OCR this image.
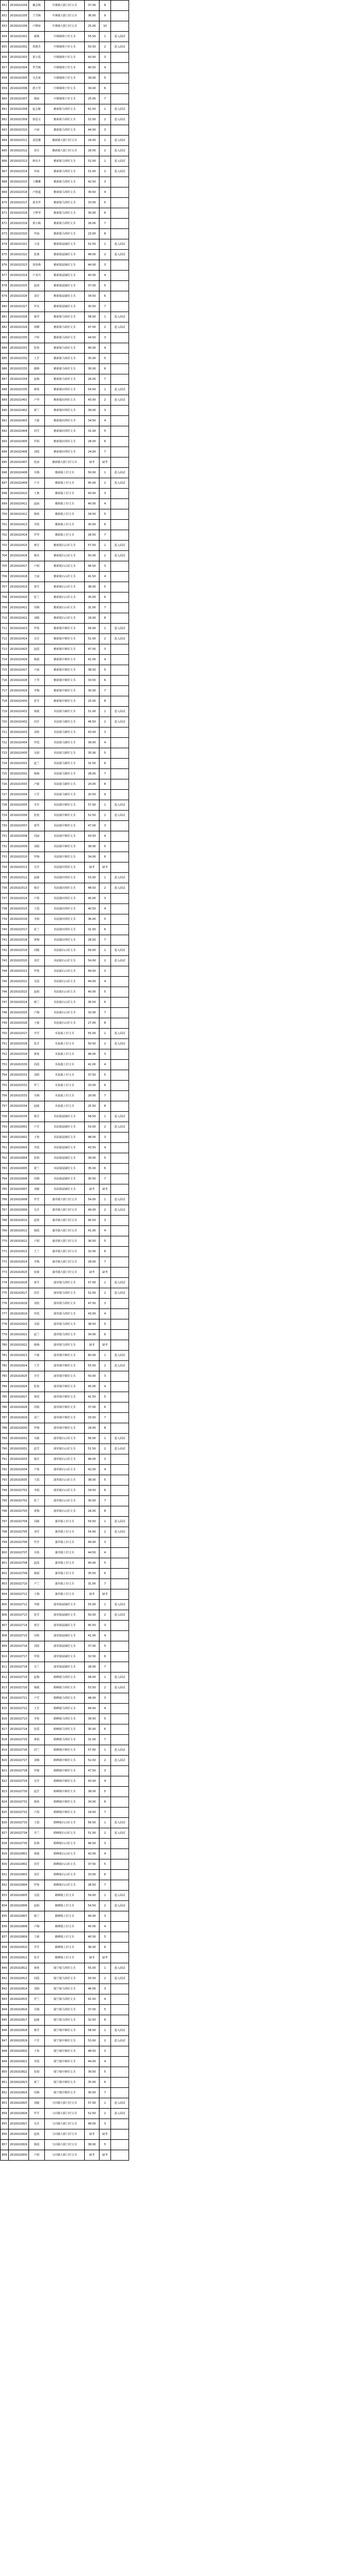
651	2019102204	戴芸梅	中寨镇大阳门村文书	37.00	8	
652	2019102205	王雪梅	中寨镇大阳门村文书	36.00	9	
653	2019102206	卢晓琼	中寨镇大阳门村文书	25.00	10	
654	2019102301	谢燕	中寨镇纳子村文书	55.50	1	进入面试
655	2019102302	黄德芳	中寨镇纳子村文书	50.50	2	进入面试
656	2019102303	郭小霞	中寨镇纳子村文书	43.00	3	
657	2019102304	罗雪梅	中寨镇纳子村文书	40.50	4	
658	2019102305	吴芸菊	中寨镇纳子村文书	39.00	5	
659	2019102306	蒋玉琴	中寨镇纳子村文书	34.00	6	
660	2019102307	杨丽	中寨镇纳子村文书	25.00	7	
661	2019102308	赵会敏	雅新镇马坝村文书	62.50	1	进入面试
662	2019102309	徐思灵	雅新镇马坝村文书	52.00	2	进入面试
663	2019102310	卢丽	雅新镇马坝村文书	44.00	3	
664	2019102311	刘思雅	雅新镇大阳门村文书	29.00	1	进入面试
665	2019102312	邓芬	雅新镇大阳门村文书	26.00	2	进入面试
666	2019102313	蒋东升	雅新镇马坝村文书	52.00	1	进入面试
667	2019102314	罗丽	雅新镇马坝村文书	51.00	2	进入面试
668	2019102315	王姗姗	雅新镇马坝村文书	42.50	3	
669	2019102316	卢艳超	雅新镇马坝村文书	39.50	4	
670	2019102317	郭美华	雅新镇马坝村文书	33.00	5	
671	2019102318	王梦琴	雅新镇马坝村文书	30.00	6	
672	2019102319	郭小梅	雅新镇马坝村文书	26.00	7	
673	2019102320	罗丽	雅新镇马坝村文书	23.00	8	
674	2019102321	王成	雅新镇翁铺村文书	52.50	1	进入面试
675	2019102322	张燕	雅新镇翁铺村文书	48.00	2	进入面试
676	2019102323	周春燕	雅新镇翁铺村文书	44.00	3	
677	2019102324	卢美玲	雅新镇翁铺村文书	40.00	4	
678	2019102325	赵雨	雅新镇翁铺村文书	37.00	5	
679	2019102326	刘芳	雅新镇翁铺村文书	34.50	6	
680	2019102327	罗美	雅新镇翁铺村文书	30.50	7	
681	2019102328	杨琴	雅新镇马场村文书	58.00	1	进入面试
682	2019102329	胡柳	雅新镇马场村文书	47.00	2	进入面试
683	2019102330	卢婷	雅新镇马场村文书	44.50	3	
684	2019102331	张艳	雅新镇马场村文书	40.00	4	
685	2019102332	王芳	雅新镇马场村文书	35.00	5	
686	2019102333	谢静	雅新镇马场村文书	30.00	6	
687	2019102334	赵梅	雅新镇马场村文书	26.00	7	
688	2019102335	蒋艳	雅新镇田坝村文书	54.00	1	进入面试
689	2019102401	卢琴	雅新镇田坝村文书	43.00	2	进入面试
690	2019102402	黄兰	雅新镇田坝村文书	39.00	3	
691	2019102403	王敏	雅新镇田坝村文书	34.50	4	
692	2019102404	周雪	雅新镇田坝村文书	31.00	5	
693	2019102405	罗娟	雅新镇田坝村文书	28.00	6	
694	2019102406	刘霞	雅新镇田坝村文书	24.00	7	
695	2019102407	张丽	雅新镇大阳门村文书	缺考	缺考	
696	2019102408	吴梅	雅新镇上村文书	50.00	1	进入面试
697	2019102409	卢芬	雅新镇上村文书	45.00	2	进入面试
698	2019102410	王燕	雅新镇上村文书	43.00	3	
699	2019102411	赵丽	雅新镇上村文书	40.00	4	
700	2019102412	杨艳	雅新镇上村文书	34.50	5	
701	2019102413	李霞	雅新镇上村文书	30.00	6	
702	2019102414	罗琴	雅新镇上村文书	28.50	7	
703	2019102415	蒋芳	雅新镇石山村文书	57.50	1	进入面试
704	2019102416	谢美	雅新镇石山村文书	50.00	2	进入面试
705	2019102417	卢娟	雅新镇石山村文书	46.50	3	
706	2019102418	王丽	雅新镇石山村文书	41.50	4	
707	2019102419	黄雪	雅新镇石山村文书	38.00	5	
708	2019102420	张兰	雅新镇石山村文书	35.00	6	
709	2019102421	周梅	雅新镇石山村文书	31.00	7	
710	2019102422	刘敏	雅新镇石山村文书	29.00	8	
711	2019102423	罗艳	雅新镇中寨村文书	56.00	1	进入面试
712	2019102424	吴芳	雅新镇中寨村文书	51.00	2	进入面试
713	2019102425	赵霞	雅新镇中寨村文书	47.00	3	
714	2019102426	杨娟	雅新镇中寨村文书	41.00	4	
715	2019102427	卢丽	雅新镇中寨村文书	38.50	5	
716	2019102428	王琴	雅新镇中寨村文书	33.50	6	
717	2019102429	李梅	雅新镇中寨村文书	30.00	7	
718	2019102430	张雪	雅新镇中寨村文书	25.00	8	
719	2019102431	黄敏	禾驮镇马寨村文书	51.00	1	进入面试
720	2019102432	周芳	禾驮镇马寨村文书	46.50	2	进入面试
721	2019102433	刘艳	禾驮镇马寨村文书	43.00	3	
722	2019102434	罗霞	禾驮镇马寨村文书	39.50	4	
723	2019102435	吴娟	禾驮镇马寨村文书	35.00	5	
724	2019102501	赵兰	禾驮镇马寨村文书	31.50	6	
725	2019102502	杨梅	禾驮镇马寨村文书	28.00	7	
726	2019102503	卢敏	禾驮镇马寨村文书	24.00	8	
727	2019102504	王雪	禾驮镇马寨村文书	20.50	9	
728	2019102505	李芳	禾驮镇中寨村文书	57.00	1	进入面试
729	2019102506	张艳	禾驮镇中寨村文书	52.50	2	进入面试
730	2019102507	黄琴	禾驮镇中寨村文书	47.00	3	
731	2019102508	周丽	禾驮镇中寨村文书	43.50	4	
732	2019102509	刘娟	禾驮镇中寨村文书	38.00	5	
733	2019102510	罗梅	禾驮镇中寨村文书	34.00	6	
734	2019102511	吴雪	禾驮镇田坝村文书	缺考	缺考	
735	2019102512	赵敏	禾驮镇田坝村文书	53.00	1	进入面试
736	2019102513	杨芳	禾驮镇田坝村文书	48.50	2	进入面试
737	2019102514	卢艳	禾驮镇田坝村文书	45.00	3	
738	2019102515	王霞	禾驮镇田坝村文书	40.50	4	
739	2019102516	李娟	禾驮镇田坝村文书	36.00	5	
740	2019102517	张兰	禾驮镇田坝村文书	31.00	6	
741	2019102518	黄梅	禾驮镇田坝村文书	28.50	7	
742	2019102519	周敏	禾驮镇石山村文书	59.00	1	进入面试
743	2019102520	刘芳	禾驮镇石山村文书	54.00	2	进入面试
744	2019102521	罗艳	禾驮镇石山村文书	49.50	3	
745	2019102522	吴霞	禾驮镇石山村文书	44.00	4	
746	2019102523	赵娟	禾驮镇石山村文书	40.00	5	
747	2019102524	杨兰	禾驮镇石山村文书	36.50	6	
748	2019102525	卢梅	禾驮镇石山村文书	32.00	7	
749	2019102526	王敏	禾驮镇石山村文书	27.00	8	
750	2019102527	李雪	禾驮镇上村文书	55.00	1	进入面试
751	2019102528	张芳	禾驮镇上村文书	50.50	2	进入面试
752	2019102529	黄艳	禾驮镇上村文书	46.00	3	
753	2019102530	周霞	禾驮镇上村文书	41.00	4	
754	2019102531	刘娟	禾驮镇上村文书	37.50	5	
755	2019102532	罗兰	禾驮镇上村文书	33.00	6	
756	2019102533	吴梅	禾驮镇上村文书	29.00	7	
757	2019102534	赵敏	禾驮镇上村文书	25.50	8	
758	2019102535	杨雪	禾驮镇翁铺村文书	58.50	1	进入面试
759	2019102601	卢芳	禾驮镇翁铺村文书	53.00	2	进入面试
760	2019102602	王艳	禾驮镇翁铺村文书	48.00	3	
761	2019102603	李霞	禾驮镇翁铺村文书	43.50	4	
762	2019102604	张娟	禾驮镇翁铺村文书	39.00	5	
763	2019102605	黄兰	禾驮镇翁铺村文书	35.00	6	
764	2019102606	周梅	禾驮镇翁铺村文书	30.50	7	
765	2019102607	刘敏	禾驮镇翁铺村文书	缺考	缺考	
766	2019102608	罗雪	蒲草镇大阳门村文书	54.00	1	进入面试
767	2019102609	吴芳	蒲草镇大阳门村文书	49.00	2	进入面试
768	2019102610	赵艳	蒲草镇大阳门村文书	45.50	3	
769	2019102611	杨霞	蒲草镇大阳门村文书	41.00	4	
770	2019102612	卢娟	蒲草镇大阳门村文书	36.50	5	
771	2019102613	王兰	蒲草镇大阳门村文书	32.00	6	
772	2019102614	李梅	蒲草镇大阳门村文书	28.00	7	
773	2019102615	张敏	蒲草镇大阳门村文书	缺考	缺考	
774	2019102616	黄雪	蒲草镇马坝村文书	57.00	1	进入面试
775	2019102617	周芳	蒲草镇马坝村文书	52.00	2	进入面试
776	2019102618	刘艳	蒲草镇马坝村文书	47.50	3	
777	2019102619	罗霞	蒲草镇马坝村文书	43.00	4	
778	2019102620	吴娟	蒲草镇马坝村文书	38.50	5	
779	2019102621	赵兰	蒲草镇马坝村文书	34.00	6	
780	2019102622	杨梅	蒲草镇马坝村文书	缺考	缺考	
781	2019102623	卢敏	蒲草镇中寨村文书	60.00	1	进入面试
782	2019102624	王雪	蒲草镇中寨村文书	55.50	2	进入面试
783	2019102625	李芳	蒲草镇中寨村文书	50.00	3	
784	2019102626	张艳	蒲草镇中寨村文书	45.00	4	
785	2019102627	黄霞	蒲草镇中寨村文书	41.50	5	
786	2019102628	周娟	蒲草镇中寨村文书	37.00	6	
787	2019102629	刘兰	蒲草镇中寨村文书	33.50	7	
788	2019102630	罗梅	蒲草镇中寨村文书	29.00	8	
789	2019102631	吴敏	蒲草镇石山村文书	56.00	1	进入面试
790	2019102632	赵雪	蒲草镇石山村文书	51.50	2	进入面试
791	2019102633	杨芳	蒲草镇石山村文书	46.00	3	
792	2019102634	卢艳	蒲草镇石山村文书	42.00	4	
793	2019102635	王霞	蒲草镇石山村文书	38.00	5	
794	2019102701	李娟	蒲草镇石山村文书	34.50	6	
795	2019102702	张兰	蒲草镇石山村文书	30.00	7	
796	2019102703	黄梅	蒲草镇石山村文书	26.00	8	
797	2019102704	周敏	蒲草镇上村文书	59.50	1	进入面试
798	2019102705	刘雪	蒲草镇上村文书	54.00	2	进入面试
799	2019102706	罗芳	蒲草镇上村文书	49.00	3	
800	2019102707	吴艳	蒲草镇上村文书	44.50	4	
801	2019102708	赵霞	蒲草镇上村文书	40.00	5	
802	2019102709	杨娟	蒲草镇上村文书	35.50	6	
803	2019102710	卢兰	蒲草镇上村文书	31.00	7	
804	2019102711	王梅	蒲草镇上村文书	缺考	缺考	
805	2019102712	李敏	蒲草镇翁铺村文书	55.00	1	进入面试
806	2019102713	张雪	蒲草镇翁铺村文书	50.00	2	进入面试
807	2019102714	黄芳	蒲草镇翁铺村文书	45.50	3	
808	2019102715	周艳	蒲草镇翁铺村文书	41.00	4	
809	2019102716	刘霞	蒲草镇翁铺村文书	37.00	5	
810	2019102717	罗娟	蒲草镇翁铺村文书	32.50	6	
811	2019102718	吴兰	蒲草镇翁铺村文书	28.00	7	
812	2019102719	赵梅	鹤峰镇马坝村文书	58.00	1	进入面试
813	2019102720	杨敏	鹤峰镇马坝村文书	53.50	2	进入面试
814	2019102721	卢雪	鹤峰镇马坝村文书	48.00	3	
815	2019102722	王芳	鹤峰镇马坝村文书	44.00	4	
816	2019102723	李艳	鹤峰镇马坝村文书	39.50	5	
817	2019102724	张霞	鹤峰镇马坝村文书	35.00	6	
818	2019102725	黄娟	鹤峰镇马坝村文书	31.00	7	
819	2019102726	周兰	鹤峰镇中寨村文书	57.00	1	进入面试
820	2019102727	刘梅	鹤峰镇中寨村文书	52.00	2	进入面试
821	2019102728	罗敏	鹤峰镇中寨村文书	47.50	3	
822	2019102729	吴雪	鹤峰镇中寨村文书	43.00	4	
823	2019102730	赵芳	鹤峰镇中寨村文书	38.00	5	
824	2019102731	杨艳	鹤峰镇中寨村文书	34.00	6	
825	2019102732	卢霞	鹤峰镇中寨村文书	29.50	7	
826	2019102733	王娟	鹤峰镇石山村文书	56.50	1	进入面试
827	2019102734	李兰	鹤峰镇石山村文书	51.00	2	进入面试
828	2019102735	张梅	鹤峰镇石山村文书	46.50	3	
829	2019102801	黄敏	鹤峰镇石山村文书	42.00	4	
830	2019102802	周雪	鹤峰镇石山村文书	37.50	5	
831	2019102803	刘芳	鹤峰镇石山村文书	33.00	6	
832	2019102804	罗艳	鹤峰镇石山村文书	28.50	7	
833	2019102805	吴霞	鹤峰镇上村文书	59.00	1	进入面试
834	2019102806	赵娟	鹤峰镇上村文书	54.50	2	进入面试
835	2019102807	杨兰	鹤峰镇上村文书	49.00	3	
836	2019102808	卢梅	鹤峰镇上村文书	45.00	4	
837	2019102809	王敏	鹤峰镇上村文书	40.50	5	
838	2019102810	李雪	鹤峰镇上村文书	36.00	6	
839	2019102811	张芳	鹤峰镇上村文书	缺考	缺考	
840	2019102812	黄艳	镇宁镇马坝村文书	55.00	1	进入面试
841	2019102813	周霞	镇宁镇马坝村文书	50.50	2	进入面试
842	2019102814	刘娟	镇宁镇马坝村文书	46.00	3	
843	2019102815	罗兰	镇宁镇马坝村文书	41.50	4	
844	2019102816	吴梅	镇宁镇马坝村文书	37.00	5	
845	2019102817	赵敏	镇宁镇马坝村文书	32.50	6	
846	2019102818	杨雪	镇宁镇中寨村文书	58.00	1	进入面试
847	2019102819	卢芳	镇宁镇中寨村文书	53.00	2	进入面试
848	2019102820	王艳	镇宁镇中寨村文书	48.50	3	
849	2019102821	李霞	镇宁镇中寨村文书	44.00	4	
850	2019102822	张娟	镇宁镇中寨村文书	39.50	5	
851	2019102823	黄兰	镇宁镇中寨村文书	35.00	6	
852	2019102824	周梅	镇宁镇中寨村文书	30.50	7	
853	2019102825	刘敏	乌玛镇大阳门村文书	57.00	1	进入面试
854	2019102826	罗雪	乌玛镇大阳门村文书	52.50	2	进入面试
855	2019102827	吴芳	乌玛镇大阳门村文书	48.00	3	
856	2019102828	赵艳	乌玛镇大阳门村文书	缺考	缺考	
857	2019102829	杨霞	乌玛镇大阳门村文书	38.00	5	
858	2019102830	卢娟	乌玛镇大阳门村文书	缺考	缺考	
